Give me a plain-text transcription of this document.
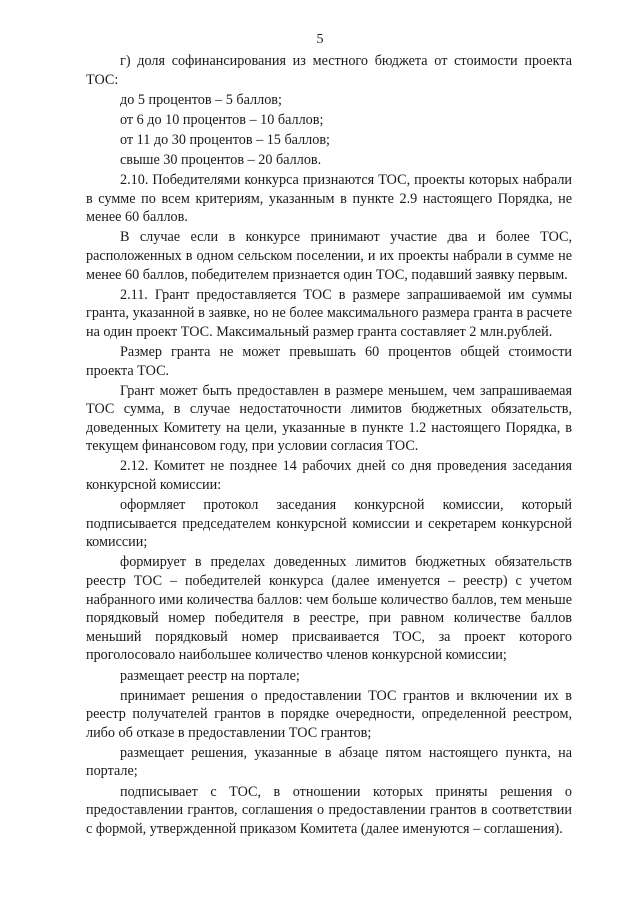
5

г) доля софинансирования из местного бюджета от стоимости проекта ТОС:

до 5 процентов – 5 баллов;

от 6 до 10 процентов – 10 баллов;

от 11 до 30 процентов – 15 баллов;

свыше 30 процентов – 20 баллов.

2.10. Победителями конкурса признаются ТОС, проекты которых набрали в сумме по всем критериям, указанным в пункте 2.9 настоящего Порядка, не менее 60 баллов.

В случае если в конкурсе принимают участие два и более ТОС, расположенных в одном сельском поселении, и их проекты набрали в сумме не менее 60 баллов, победителем признается один ТОС, подавший заявку первым.

2.11. Грант предоставляется ТОС в размере запрашиваемой им суммы гранта, указанной в заявке, но не более максимального размера гранта в расчете на один проект ТОС. Максимальный размер гранта составляет 2 млн.рублей.

Размер гранта не может превышать 60 процентов общей стоимости проекта ТОС.

Грант может быть предоставлен в размере меньшем, чем запрашиваемая ТОС сумма, в случае недостаточности лимитов бюджетных обязательств, доведенных Комитету на цели, указанные в пункте 1.2 настоящего Порядка, в текущем финансовом году, при условии согласия ТОС.

2.12. Комитет не позднее 14 рабочих дней со дня проведения заседания конкурсной комиссии:

оформляет протокол заседания конкурсной комиссии, который подписывается председателем конкурсной комиссии и секретарем конкурсной комиссии;

формирует в пределах доведенных лимитов бюджетных обязательств реестр ТОС – победителей конкурса (далее именуется – реестр) с учетом набранного ими количества баллов: чем больше количество баллов, тем меньше порядковый номер победителя в реестре, при равном количестве баллов меньший порядковый номер присваивается ТОС, за проект которого проголосовало наибольшее количество членов конкурсной комиссии;

размещает реестр на портале;

принимает решения о предоставлении ТОС грантов и включении их в реестр получателей грантов в порядке очередности, определенной реестром, либо об отказе в предоставлении ТОС грантов;

размещает решения, указанные в абзаце пятом настоящего пункта, на портале;

подписывает с ТОС, в отношении которых приняты решения о предоставлении грантов, соглашения о предоставлении грантов в соответствии с формой, утвержденной приказом Комитета (далее именуются – соглашения).
